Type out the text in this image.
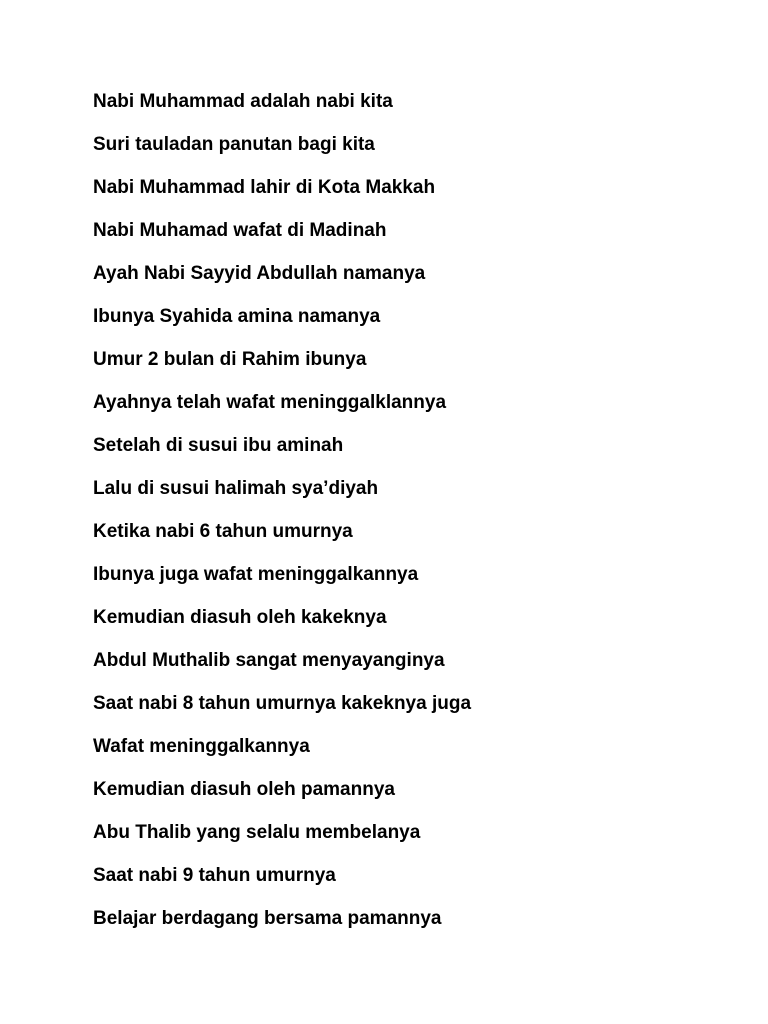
Nabi Muhammad adalah nabi kita
Suri tauladan panutan bagi kita
Nabi Muhammad lahir di Kota Makkah
Nabi Muhamad wafat di Madinah
Ayah Nabi Sayyid Abdullah namanya
Ibunya Syahida amina namanya
Umur 2 bulan di Rahim ibunya
Ayahnya telah wafat meninggalklannya
Setelah di susui ibu aminah
Lalu di susui halimah sya’diyah
Ketika nabi 6 tahun umurnya
Ibunya juga wafat meninggalkannya
Kemudian diasuh oleh kakeknya
Abdul Muthalib sangat menyayanginya
Saat nabi 8 tahun umurnya kakeknya juga
Wafat meninggalkannya
Kemudian diasuh oleh pamannya
Abu Thalib yang selalu membelanya
Saat nabi 9 tahun umurnya
Belajar berdagang bersama pamannya
